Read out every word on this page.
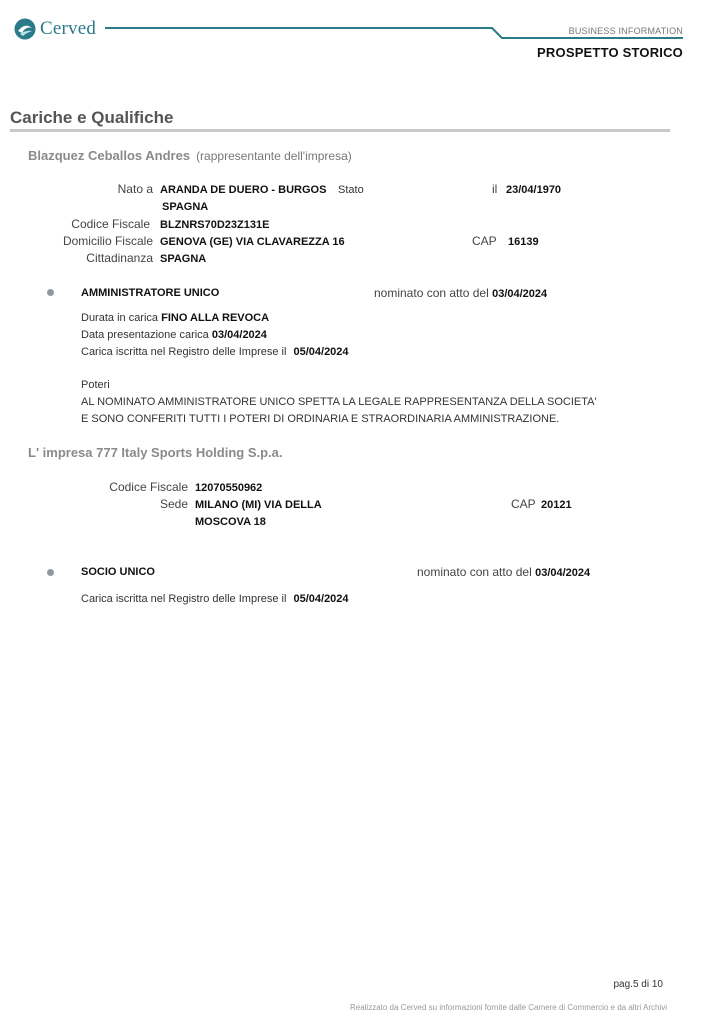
Cerved	BUSINESS INFORMATION
PROSPETTO STORICO
Cariche e Qualifiche
Blazquez Ceballos Andres (rappresentante dell'impresa)
Nato a ARANDA DE DUERO - BURGOS Stato
SPAGNA
il 23/04/1970
Codice Fiscale BLZNRS70D23Z131E
Domicilio Fiscale GENOVA (GE) VIA CLAVAREZZA 16	CAP 16139
Cittadinanza SPAGNA
AMMINISTRATORE UNICO	nominato con atto del 03/04/2024
Durata in carica FINO ALLA REVOCA
Data presentazione carica 03/04/2024
Carica iscritta nel Registro delle Imprese il 05/04/2024
Poteri
AL NOMINATO AMMINISTRATORE UNICO SPETTA LA LEGALE RAPPRESENTANZA DELLA SOCIETA'
E SONO CONFERITI TUTTI I POTERI DI ORDINARIA E STRAORDINARIA AMMINISTRAZIONE.
L' impresa 777 Italy Sports Holding S.p.a.
Codice Fiscale 12070550962
Sede MILANO (MI) VIA DELLA
MOSCOVA 18
CAP 20121
SOCIO UNICO	nominato con atto del 03/04/2024
Carica iscritta nel Registro delle Imprese il 05/04/2024
pag.5 di 10
Realizzato da Cerved su informazioni fornite dalle Camere di Commercio e da altri Archivi
